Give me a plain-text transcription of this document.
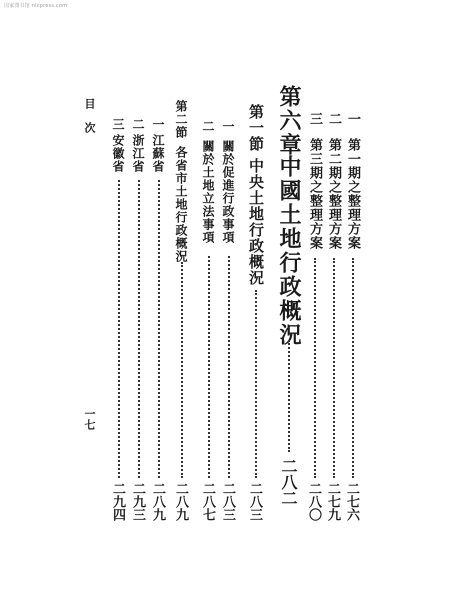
国家图书馆 nlcpress.com
一
第一期之整理方案
二七六
二
第二期之整理方案
二七九
三
第三期之整理方案
二八〇
第六章
中國土地行政概況
二八二
第一節
中央土地行政概況
二八三
一
關於促進行政事項
二八三
二
關於土地立法事項
二八七
第二節
各省市土地行政概況
二八九
一
江蘇省
二八九
二
浙江省
二九三
三
安徽省
二九四
目 次
一七
